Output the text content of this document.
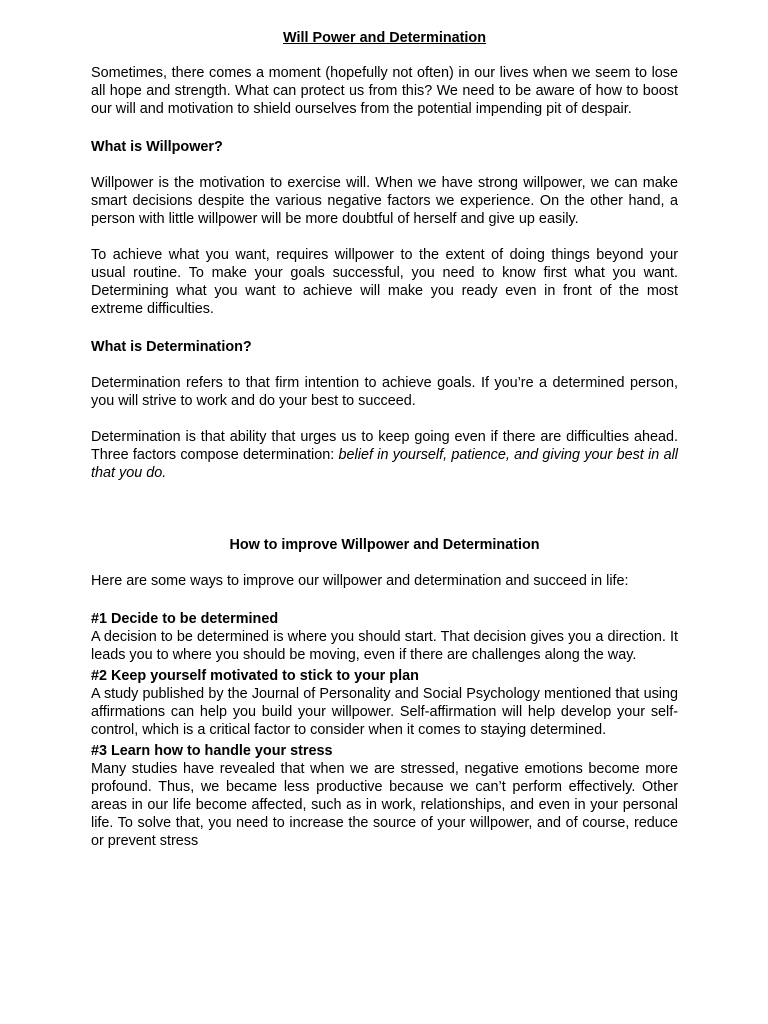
Will Power and Determination

Sometimes, there comes a moment (hopefully not often) in our lives when we seem to lose all hope and strength. What can protect us from this? We need to be aware of how to boost our will and motivation to shield ourselves from the potential impending pit of despair.

What is Willpower?

Willpower is the motivation to exercise will. When we have strong willpower, we can make smart decisions despite the various negative factors we experience. On the other hand, a person with little willpower will be more doubtful of herself and give up easily.

To achieve what you want, requires willpower to the extent of doing things beyond your usual routine. To make your goals successful, you need to know first what you want. Determining what you want to achieve will make you ready even in front of the most extreme difficulties.

What is Determination?

Determination refers to that firm intention to achieve goals. If you’re a determined person, you will strive to work and do your best to succeed.

Determination is that ability that urges us to keep going even if there are difficulties ahead. Three factors compose determination: belief in yourself, patience, and giving your best in all that you do.

How to improve Willpower and Determination

Here are some ways to improve our willpower and determination and succeed in life:

#1 Decide to be determined

A decision to be determined is where you should start. That decision gives you a direction. It leads you to where you should be moving, even if there are challenges along the way.

#2 Keep yourself motivated to stick to your plan

A study published by the Journal of Personality and Social Psychology mentioned that using affirmations can help you build your willpower. Self-affirmation will help develop your self-control, which is a critical factor to consider when it comes to staying determined.

#3 Learn how to handle your stress

Many studies have revealed that when we are stressed, negative emotions become more profound. Thus, we became less productive because we can’t perform effectively. Other areas in our life become affected, such as in work, relationships, and even in your personal life. To solve that, you need to increase the source of your willpower, and of course, reduce or prevent stress
